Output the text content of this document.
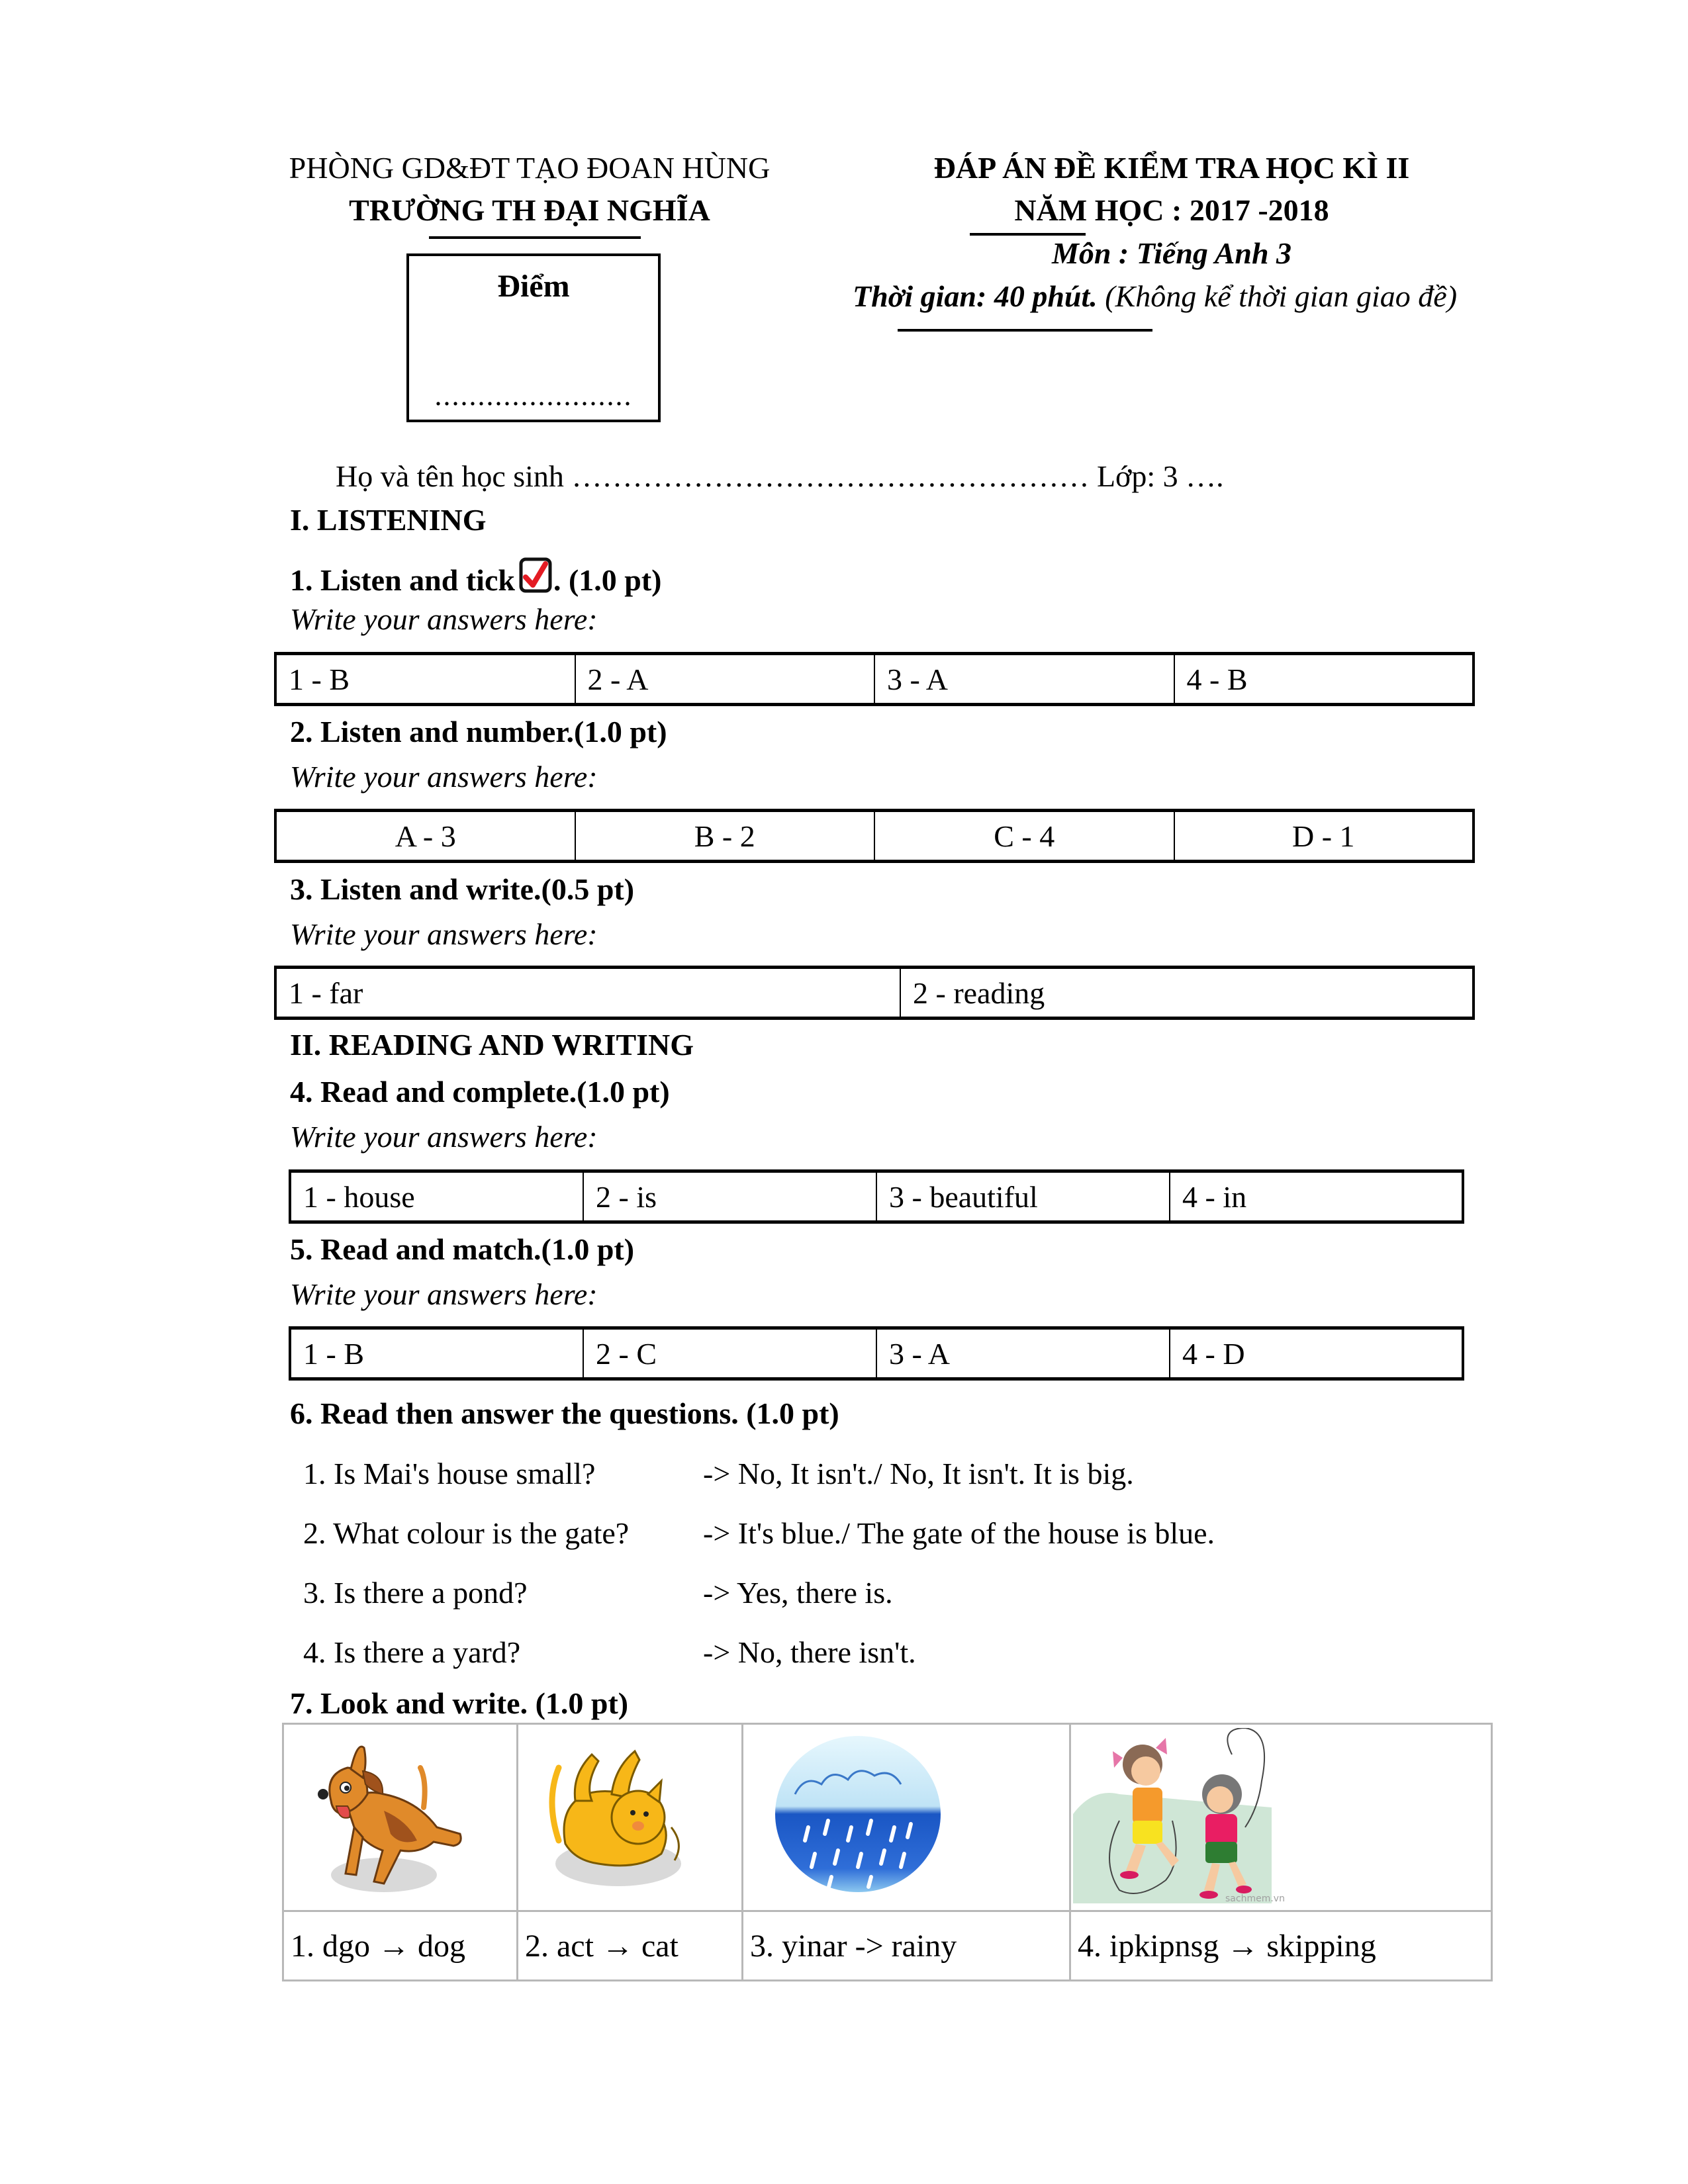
PHÒNG GD&ĐT TẠO ĐOAN HÙNG
TRƯỜNG TH ĐẠI NGHĨA
Điểm
.......................
ĐÁP ÁN ĐỀ KIỂM TRA HỌC KÌ II
NĂM HỌC : 2017 -2018
Môn : Tiếng Anh 3
Thời gian: 40 phút. (Không kể thời gian giao đề)
Họ và tên học sinh …………………………………………… Lớp: 3 ….
I. LISTENING
1. Listen and tick . (1.0 pt)
Write your answers here:
1 - B	2 - A	3 - A	4 - B
2. Listen and number.(1.0 pt)
Write your answers here:
A - 3	B - 2	C - 4	D - 1
3. Listen and write.(0.5 pt)
Write your answers here:
1 - far	2 - reading
II. READING AND WRITING
4. Read and complete.(1.0 pt)
Write your answers here:
1 - house	2 - is	3 - beautiful	4 - in
5. Read and match.(1.0 pt)
Write your answers here:
1 - B	2 - C	3 - A	4 - D
6. Read then answer the questions. (1.0 pt)
1. Is Mai's house small?	-> No, It isn't./ No, It isn't. It is big.
2. What colour is the gate? -> It's blue./ The gate of the house is blue.
3. Is there a pond?	-> Yes, there is.
4. Is there a yard?	-> No, there isn't.
7. Look and write. (1.0 pt)

sachmem.vn

1. dgo → dog	2. act → cat	3. yinar -> rainy	4. ipkipnsg → skipping
